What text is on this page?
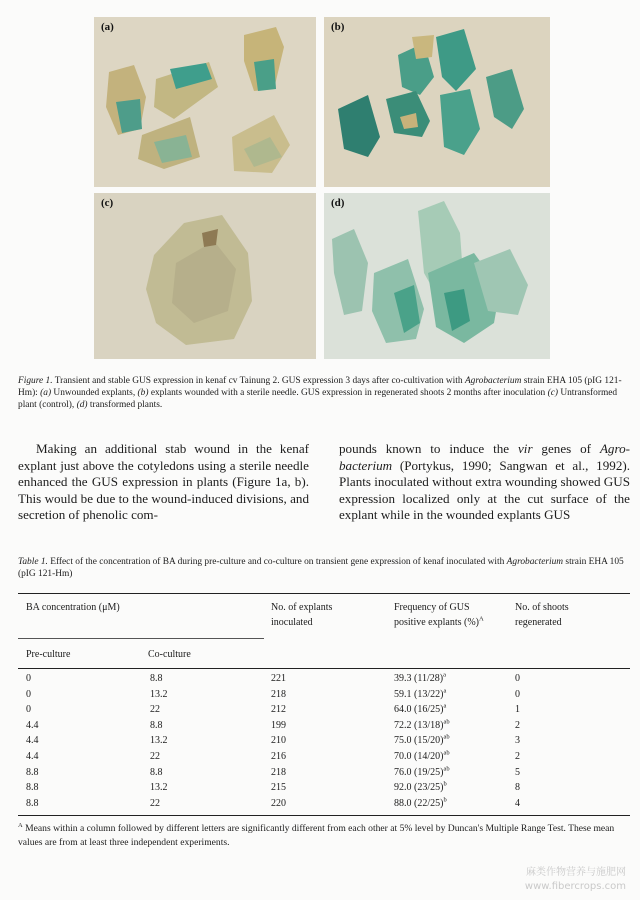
(a)	(b)
(c)	(d)
Figure 1. Transient and stable GUS expression in kenaf cv Tainung 2. GUS expression 3 days after co-cultivation with Agrobacterium strain EHA 105 (pIG 121-Hm): (a) Unwounded explants, (b) explants wounded with a sterile needle. GUS expression in regenerated shoots 2 months after inoculation (c) Untransformed plant (control), (d) transformed plants.

Making an additional stab wound in the kenaf explant just above the cotyledons using a sterile needle enhanced the GUS expression in plants (Figure 1a, b). This would be due to the wound-induced divisions, and secretion of phenolic com-

pounds known to induce the vir genes of Agro-bacterium (Portykus, 1990; Sangwan et al., 1992). Plants inoculated without extra wounding showed GUS expression localized only at the cut surface of the explant while in the wounded explants GUS

Table 1. Effect of the concentration of BA during pre-culture and co-culture on transient gene expression of kenaf inoculated with Agrobacterium strain EHA 105 (pIG 121-Hm)
BA concentration (μM)
Pre-culture	Co-culture
No. of explants inoculated
Frequency of GUS positive explants (%)$^A$
No. of shoots regenerated
0	8.8	221	39.3 $(11/28)^a$	0
0	13.2	218	59.1 $(13/22)^a$	0
0	22	212	64.0 $(16/25)^a$	1
4.4	8.8	199	72.2 $(13/18)^{ab}$	2
4.4	13.2	210	75.0 $(15/20)^{ab}$	3
4.4	22	216	70.0 $(14/20)^{ab}$	2
8.8	8.8	218	76.0 $(19/25)^{ab}$	5
8.8	13.2	215	92.0 $(23/25)^b$	8
8.8	22	220	88.0 $(22/25)^b$	4
$^A$ Means within a column followed by different letters are significantly different from each other at 5% level by Duncan's Multiple Range Test. These mean values are from at least three independent experiments.
麻类作物营养与施肥网
www.fibercrops.com
